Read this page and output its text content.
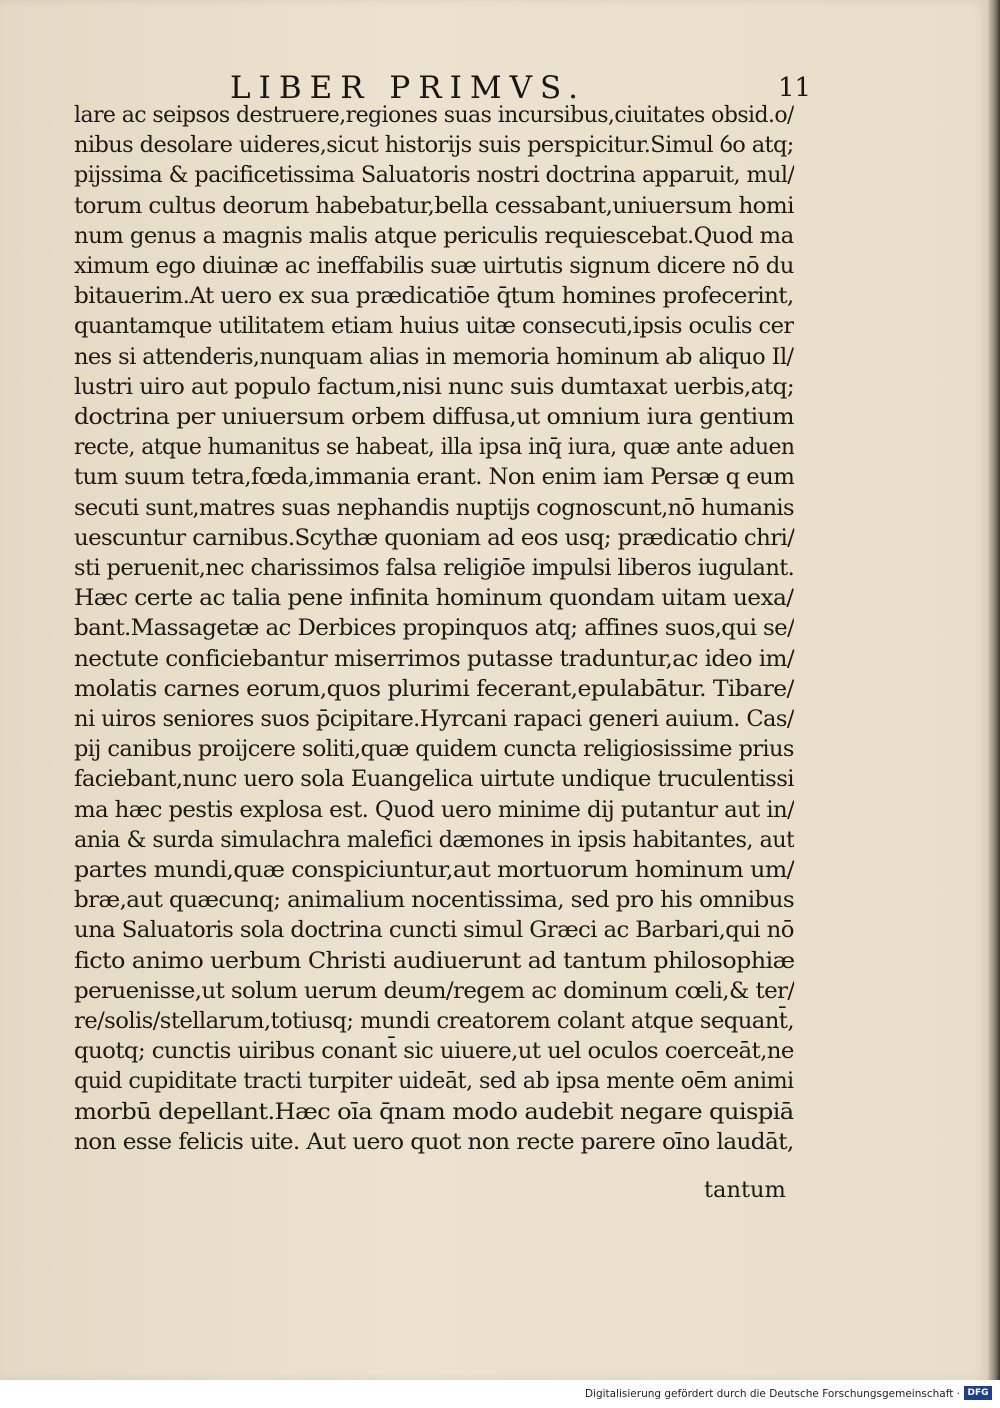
LIBER PRIMVS.	11
lare ac seipsos destruere,regiones suas incursibus,ciuitates obsid.o/
nibus desolare uideres,sicut historijs suis perspicitur.Simul ỽo atq;
pijssima & pacificetissima Saluatoris nostri doctrina apparuit, mul/
torum cultus deorum habebatur,bella cessabant,uniuersum homi
num genus a magnis malis atque periculis requiescebat.Quod ma
ximum ego diuinæ ac ineffabilis suæ uirtutis signum dicere nō du
bitauerim.At uero ex sua prædicatiōe q̄tum homines profecerint,
quantamque utilitatem etiam huius uitæ consecuti,ipsis oculis cer
nes si attenderis,nunquam alias in memoria hominum ab aliquo Il/
lustri uiro aut populo factum,nisi nunc suis dumtaxat uerbis,atq;
doctrina per uniuersum orbem diffusa,ut omnium iura gentium
recte, atque humanitus se habeat, illa ipsa inq̄ iura, quæ ante aduen
tum suum tetra,fœda,immania erant. Non enim iam Persæ q eum
secuti sunt,matres suas nephandis nuptijs cognoscunt,nō humanis
uescuntur carnibus.Scythæ quoniam ad eos usq; prædicatio chri/
sti peruenit,nec charissimos falsa religiōe impulsi liberos iugulant.
Hæc certe ac talia pene infinita hominum quondam uitam uexa/
bant.Massagetæ ac Derbices propinquos atq; affines suos,qui se/
nectute conficiebantur miserrimos putasse traduntur,ac ideo im/
molatis carnes eorum,quos plurimi fecerant,epulabātur. Tibare/
ni uiros seniores suos p̄cipitare.Hyrcani rapaci generi auium. Cas/
pij canibus proijcere soliti,quæ quidem cuncta religiosissime prius
faciebant,nunc uero sola Euangelica uirtute undique truculentissi
ma hæc pestis explosa est. Quod uero minime dij putantur aut in/
ania & surda simulachra malefici dæmones in ipsis habitantes, aut
partes mundi,quæ conspiciuntur,aut mortuorum hominum um/
bræ,aut quæcunq; animalium nocentissima, sed pro his omnibus
una Saluatoris sola doctrina cuncti simul Græci ac Barbari,qui nō
ficto animo uerbum Christi audiuerunt ad tantum philosophiæ
peruenisse,ut solum uerum deum/regem ac dominum cœli,& ter/
re/solis/stellarum,totiusq; mundi creatorem colant atque sequant̄,
quotq; cunctis uiribus conant̄ sic uiuere,ut uel oculos coerceāt,ne
quid cupiditate tracti turpiter uideāt, sed ab ipsa mente oēm animi
morbū depellant.Hæc oīa q̄nam modo audebit negare quispiā
non esse felicis uite. Aut uero quot non recte parere oīno laudāt,
tantum
Digitalisierung gefördert durch die Deutsche Forschungsgemeinschaft · DFG
